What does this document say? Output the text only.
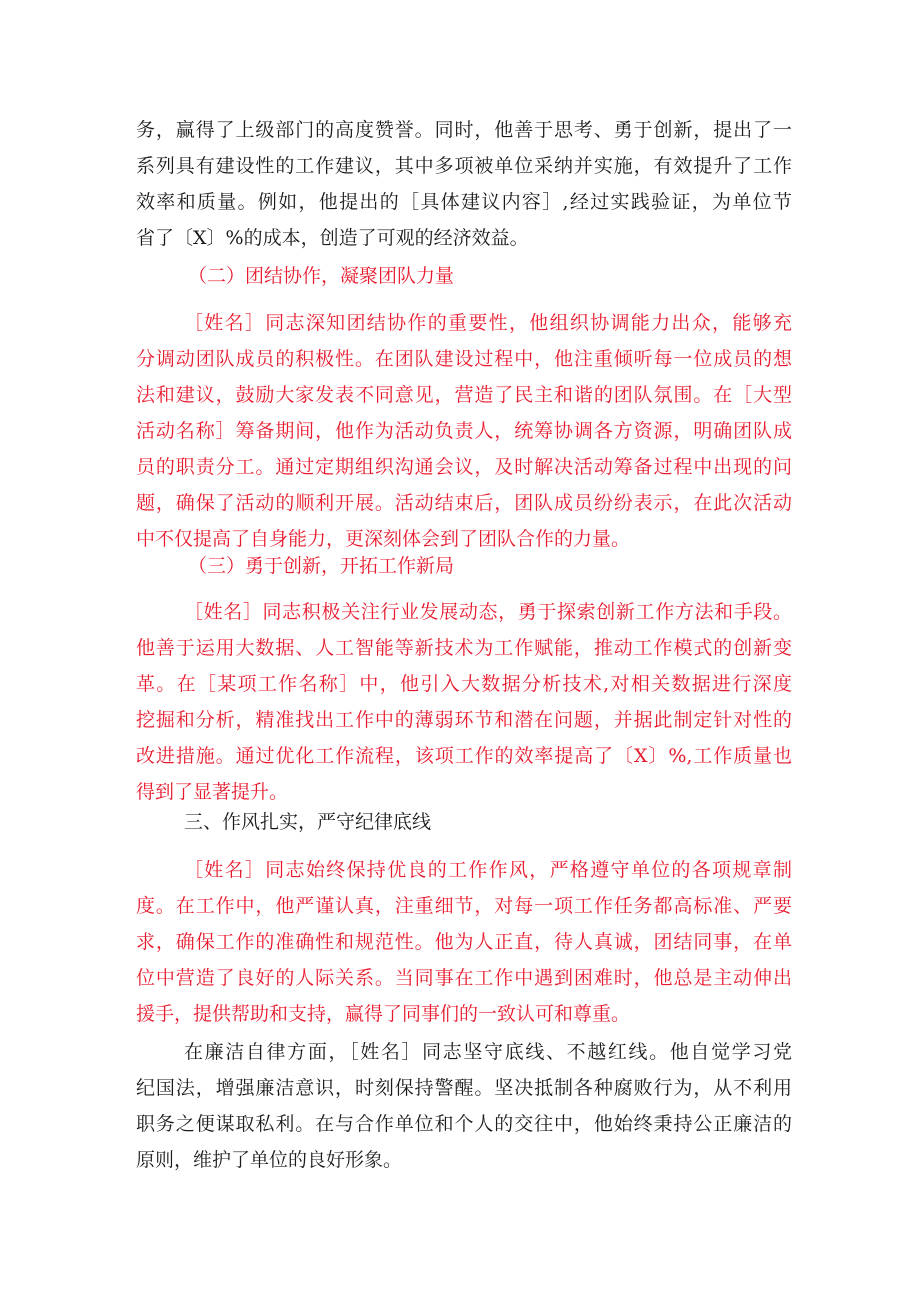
务，赢得了上级部门的高度赞誉。同时，他善于思考、勇于创新，提出了一
系列具有建设性的工作建议，其中多项被单位采纳并实施，有效提升了工作
效率和质量。例如，他提出的［具体建议内容］,经过实践验证，为单位节
省了〔X〕%的成本，创造了可观的经济效益。
（二）团结协作，凝聚团队力量
［姓名］同志深知团结协作的重要性，他组织协调能力出众，能够充
分调动团队成员的积极性。在团队建设过程中，他注重倾听每一位成员的想
法和建议，鼓励大家发表不同意见，营造了民主和谐的团队氛围。在［大型
活动名称］筹备期间，他作为活动负责人，统筹协调各方资源，明确团队成
员的职责分工。通过定期组织沟通会议，及时解决活动筹备过程中出现的问
题，确保了活动的顺利开展。活动结束后，团队成员纷纷表示，在此次活动
中不仅提高了自身能力，更深刻体会到了团队合作的力量。
（三）勇于创新，开拓工作新局
［姓名］同志积极关注行业发展动态，勇于探索创新工作方法和手段。
他善于运用大数据、人工智能等新技术为工作赋能，推动工作模式的创新变
革。在［某项工作名称］中，他引入大数据分析技术,对相关数据进行深度
挖掘和分析，精准找出工作中的薄弱环节和潜在问题，并据此制定针对性的
改进措施。通过优化工作流程，该项工作的效率提高了〔X〕%,工作质量也
得到了显著提升。
三、作风扎实，严守纪律底线
［姓名］同志始终保持优良的工作作风，严格遵守单位的各项规章制
度。在工作中，他严谨认真，注重细节，对每一项工作任务都高标准、严要
求，确保工作的准确性和规范性。他为人正直，待人真诚，团结同事，在单
位中营造了良好的人际关系。当同事在工作中遇到困难时，他总是主动伸出
援手，提供帮助和支持，赢得了同事们的一致认可和尊重。
在廉洁自律方面，［姓名］同志坚守底线、不越红线。他自觉学习党
纪国法，增强廉洁意识，时刻保持警醒。坚决抵制各种腐败行为，从不利用
职务之便谋取私利。在与合作单位和个人的交往中，他始终秉持公正廉洁的
原则，维护了单位的良好形象。
